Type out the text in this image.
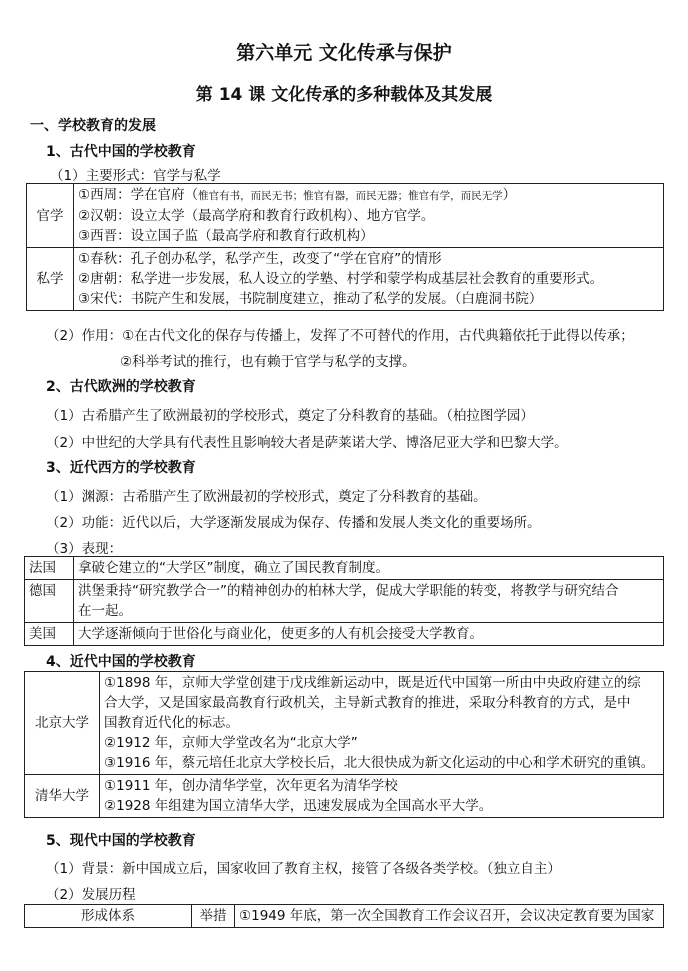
第六单元 文化传承与保护
第 14 课 文化传承的多种载体及其发展
一、学校教育的发展
1、古代中国的学校教育
（1）主要形式：官学与私学
官学	①西周：学在官府（惟官有书，而民无书；惟官有器，而民无器；惟官有学，而民无学）
②汉朝：设立太学（最高学府和教育行政机构）、地方官学。
③西晋：设立国子监（最高学府和教育行政机构）

私学	①春秋：孔子创办私学，私学产生，改变了“学在官府”的情形
②唐朝：私学进一步发展，私人设立的学塾、村学和蒙学构成基层社会教育的重要形式。
③宋代：书院产生和发展，书院制度建立，推动了私学的发展。（白鹿洞书院）
（2）作用：①在古代文化的保存与传播上，发挥了不可替代的作用，古代典籍依托于此得以传承；
②科举考试的推行，也有赖于官学与私学的支撑。
2、古代欧洲的学校教育
（1）古希腊产生了欧洲最初的学校形式，奠定了分科教育的基础。（柏拉图学园）
（2）中世纪的大学具有代表性且影响较大者是萨莱诺大学、博洛尼亚大学和巴黎大学。
3、近代西方的学校教育
（1）渊源：古希腊产生了欧洲最初的学校形式，奠定了分科教育的基础。
（2）功能：近代以后，大学逐渐发展成为保存、传播和发展人类文化的重要场所。
（3）表现：
法国	拿破仑建立的“大学区”制度，确立了国民教育制度。

德国	洪堡秉持“研究教学合一”的精神创办的柏林大学，促成大学职能的转变，将教学与研究结合
在一起。

美国	大学逐渐倾向于世俗化与商业化，使更多的人有机会接受大学教育。
4、近代中国的学校教育
北京大学	①1898 年，京师大学堂创建于戊戌维新运动中，既是近代中国第一所由中央政府建立的综
合大学，又是国家最高教育行政机关，主导新式教育的推进，采取分科教育的方式，是中
国教育近代化的标志。
②1912 年，京师大学堂改名为“北京大学”
③1916 年，蔡元培任北京大学校长后，北大很快成为新文化运动的中心和学术研究的重镇。

清华大学	①1911 年，创办清华学堂，次年更名为清华学校
②1928 年组建为国立清华大学，迅速发展成为全国高水平大学。
5、现代中国的学校教育
（1）背景：新中国成立后，国家收回了教育主权，接管了各级各类学校。（独立自主）
（2）发展历程
形成体系	举措	①1949 年底，第一次全国教育工作会议召开，会议决定教育要为国家
